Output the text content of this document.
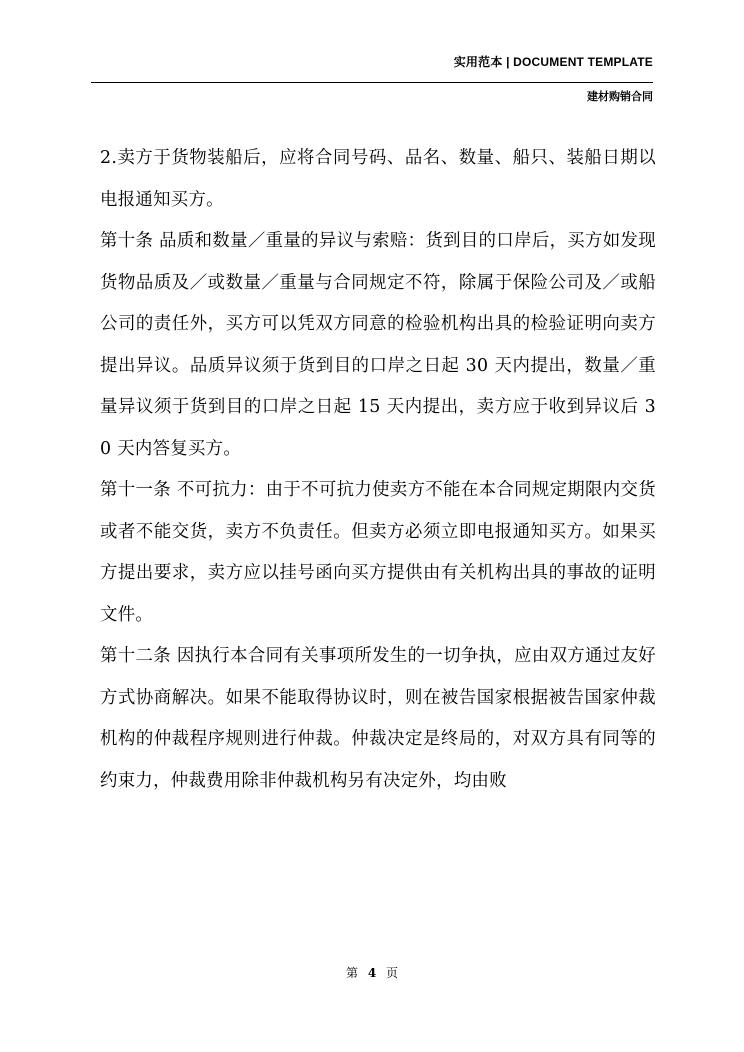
实用范本 | DOCUMENT TEMPLATE
建材购销合同

2.卖方于货物装船后，应将合同号码、品名、数量、船只、装船日期以电报通知买方。

第十条 品质和数量／重量的异议与索赔：货到目的口岸后，买方如发现货物品质及／或数量／重量与合同规定不符，除属于保险公司及／或船公司的责任外，买方可以凭双方同意的检验机构出具的检验证明向卖方提出异议。品质异议须于货到目的口岸之日起 30 天内提出，数量／重量异议须于货到目的口岸之日起 15 天内提出，卖方应于收到异议后 30 天内答复买方。

第十一条 不可抗力：由于不可抗力使卖方不能在本合同规定期限内交货或者不能交货，卖方不负责任。但卖方必须立即电报通知买方。如果买方提出要求，卖方应以挂号函向买方提供由有关机构出具的事故的证明文件。

第十二条 因执行本合同有关事项所发生的一切争执，应由双方通过友好方式协商解决。如果不能取得协议时，则在被告国家根据被告国家仲裁机构的仲裁程序规则进行仲裁。仲裁决定是终局的，对双方具有同等的约束力，仲裁费用除非仲裁机构另有决定外，均由败

第 4 页
